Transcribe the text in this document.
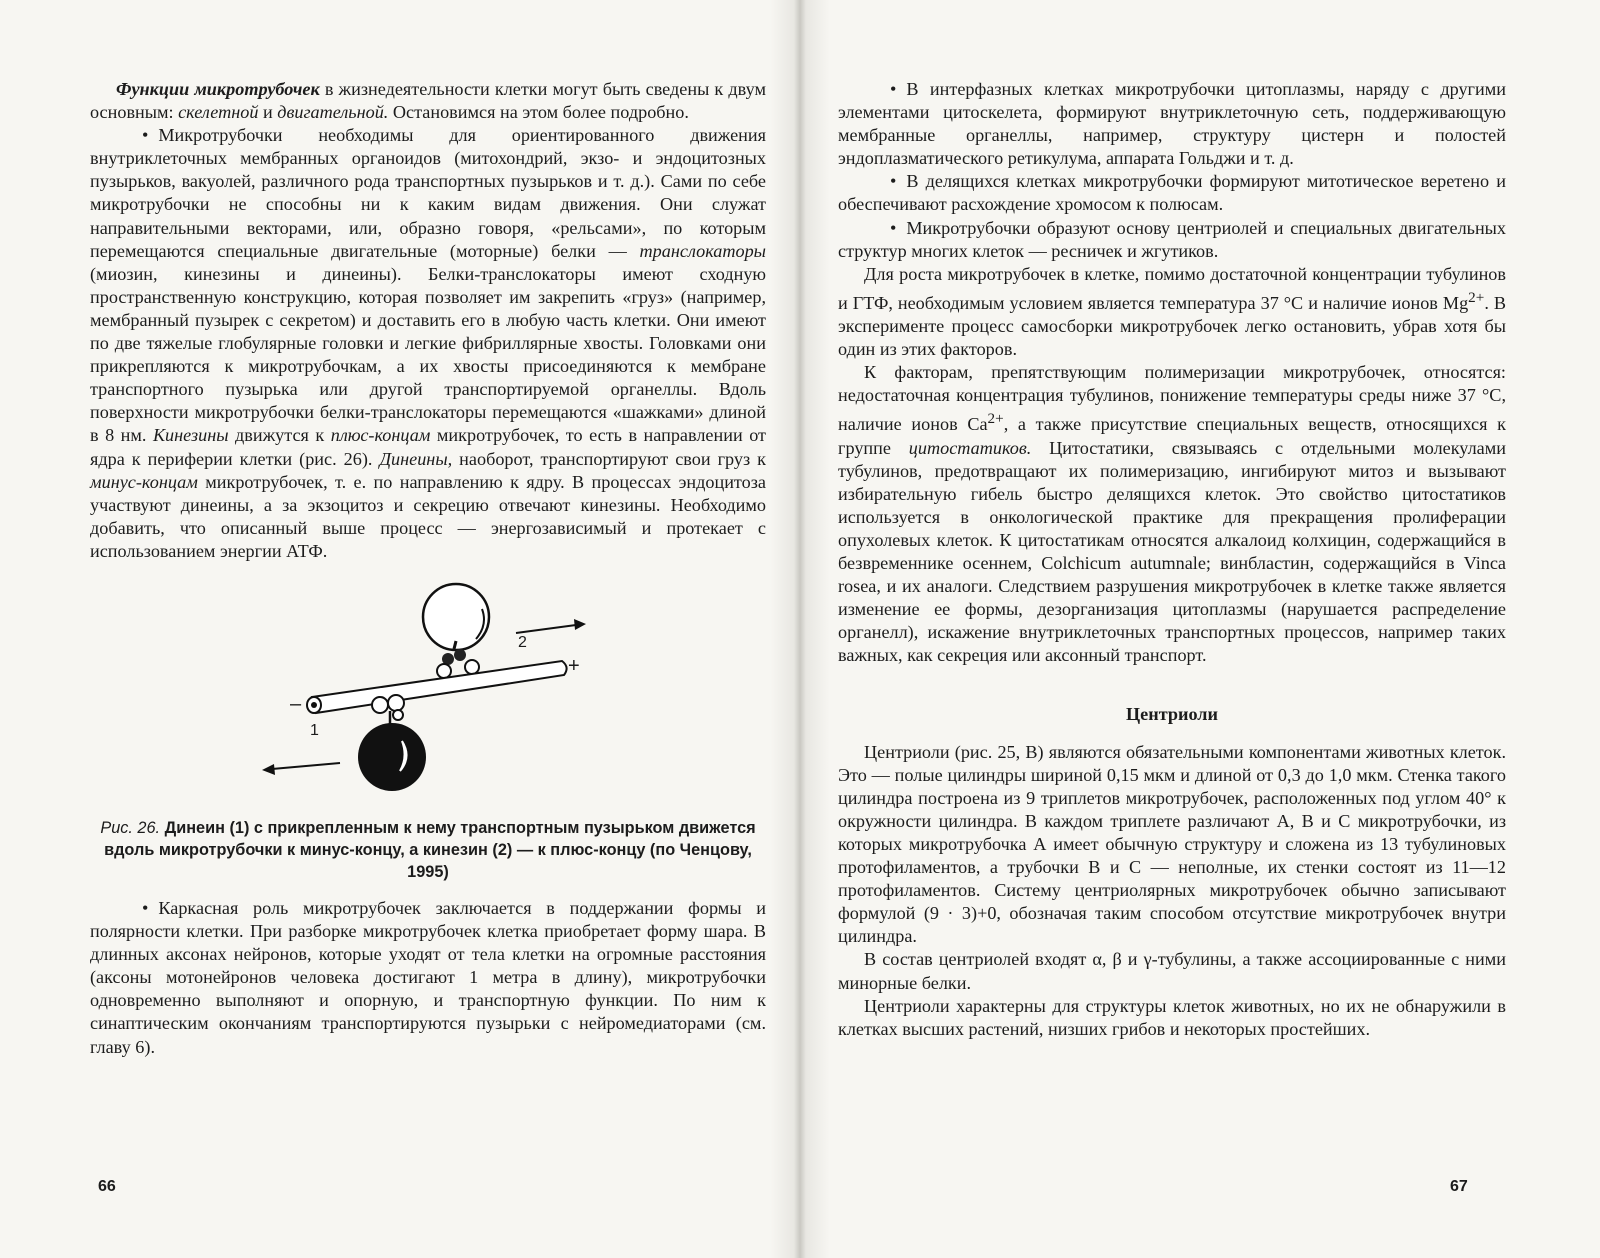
Функции микротрубочек в жизнедеятельности клетки могут быть сведены к двум основным: скелетной и двигательной. Остановимся на этом более подробно.

• Микротрубочки необходимы для ориентированного движения внутриклеточных мембранных органоидов (митохондрий, экзо- и эндоцитозных пузырьков, вакуолей, различного рода транспортных пузырьков и т. д.). Сами по себе микротрубочки не способны ни к каким видам движения. Они служат направительными векторами, или, образно говоря, «рельсами», по которым перемещаются специальные двигательные (моторные) белки — транслокаторы (миозин, кинезины и динеины). Белки-транслокаторы имеют сходную пространственную конструкцию, которая позволяет им закрепить «груз» (например, мембранный пузырек с секретом) и доставить его в любую часть клетки. Они имеют по две тяжелые глобулярные головки и легкие фибриллярные хвосты. Головками они прикрепляются к микротрубочкам, а их хвосты присоединяются к мембране транспортного пузырька или другой транспортируемой органеллы. Вдоль поверхности микротрубочки белки-транслокаторы перемещаются «шажками» длиной в 8 нм. Кинезины движутся к плюс-концам микротрубочек, то есть в направлении от ядра к периферии клетки (рис. 26). Динеины, наоборот, транспортируют свои груз к минус-концам микротрубочек, т. е. по направлению к ядру. В процессах эндоцитоза участвуют динеины, а за экзоцитоз и секрецию отвечают кинезины. Необходимо добавить, что описанный выше процесс — энергозависимый и протекает с использованием энергии АТФ.

2
1
–
+
Рис. 26. Динеин (1) с прикрепленным к нему транспортным пузырьком движется вдоль микротрубочки к минус-концу, а кинезин (2) — к плюс-концу (по Ченцову, 1995)

• Каркасная роль микротрубочек заключается в поддержании формы и полярности клетки. При разборке микротрубочек клетка приобретает форму шара. В длинных аксонах нейронов, которые уходят от тела клетки на огромные расстояния (аксоны мотонейронов человека достигают 1 метра в длину), микротрубочки одновременно выполняют и опорную, и транспортную функции. По ним к синаптическим окончаниям транспортируются пузырьки с нейромедиаторами (см. главу 6).

66

• В интерфазных клетках микротрубочки цитоплазмы, наряду с другими элементами цитоскелета, формируют внутриклеточную сеть, поддерживающую мембранные органеллы, например, структуру цистерн и полостей эндоплазматического ретикулума, аппарата Гольджи и т. д.

• В делящихся клетках микротрубочки формируют митотическое веретено и обеспечивают расхождение хромосом к полюсам.

• Микротрубочки образуют основу центриолей и специальных двигательных структур многих клеток — ресничек и жгутиков.

Для роста микротрубочек в клетке, помимо достаточной концентрации тубулинов и ГТФ, необходимым условием является температура 37 °С и наличие ионов $Mg^{2+}$. В эксперименте процесс самосборки микротрубочек легко остановить, убрав хотя бы один из этих факторов.

К факторам, препятствующим полимеризации микротрубочек, относятся: недостаточная концентрация тубулинов, понижение температуры среды ниже 37 °С, наличие ионов $Ca^{2+}$, а также присутствие специальных веществ, относящихся к группе цитостатиков. Цитостатики, связываясь с отдельными молекулами тубулинов, предотвращают их полимеризацию, ингибируют митоз и вызывают избирательную гибель быстро делящихся клеток. Это свойство цитостатиков используется в онкологической практике для прекращения пролиферации опухолевых клеток. К цитостатикам относятся алкалоид колхицин, содержащийся в безвременнике осеннем, Colchicum autumnale; винбластин, содержащийся в Vinca rosea, и их аналоги. Следствием разрушения микротрубочек в клетке также является изменение ее формы, дезорганизация цитоплазмы (нарушается распределение органелл), искажение внутриклеточных транспортных процессов, например таких важных, как секреция или аксонный транспорт.

Центриоли

Центриоли (рис. 25, В) являются обязательными компонентами животных клеток. Это — полые цилиндры шириной 0,15 мкм и длиной от 0,3 до 1,0 мкм. Стенка такого цилиндра построена из 9 триплетов микротрубочек, расположенных под углом 40° к окружности цилиндра. В каждом триплете различают А, В и С микротрубочки, из которых микротрубочка А имеет обычную структуру и сложена из 13 тубулиновых протофиламентов, а трубочки В и С — неполные, их стенки состоят из 11—12 протофиламентов. Систему центриолярных микротрубочек обычно записывают формулой (9 · 3)+0, обозначая таким способом отсутствие микротрубочек внутри цилиндра.

В состав центриолей входят α, β и γ-тубулины, а также ассоциированные с ними минорные белки.

Центриоли характерны для структуры клеток животных, но их не обнаружили в клетках высших растений, низших грибов и некоторых простейших.

67
